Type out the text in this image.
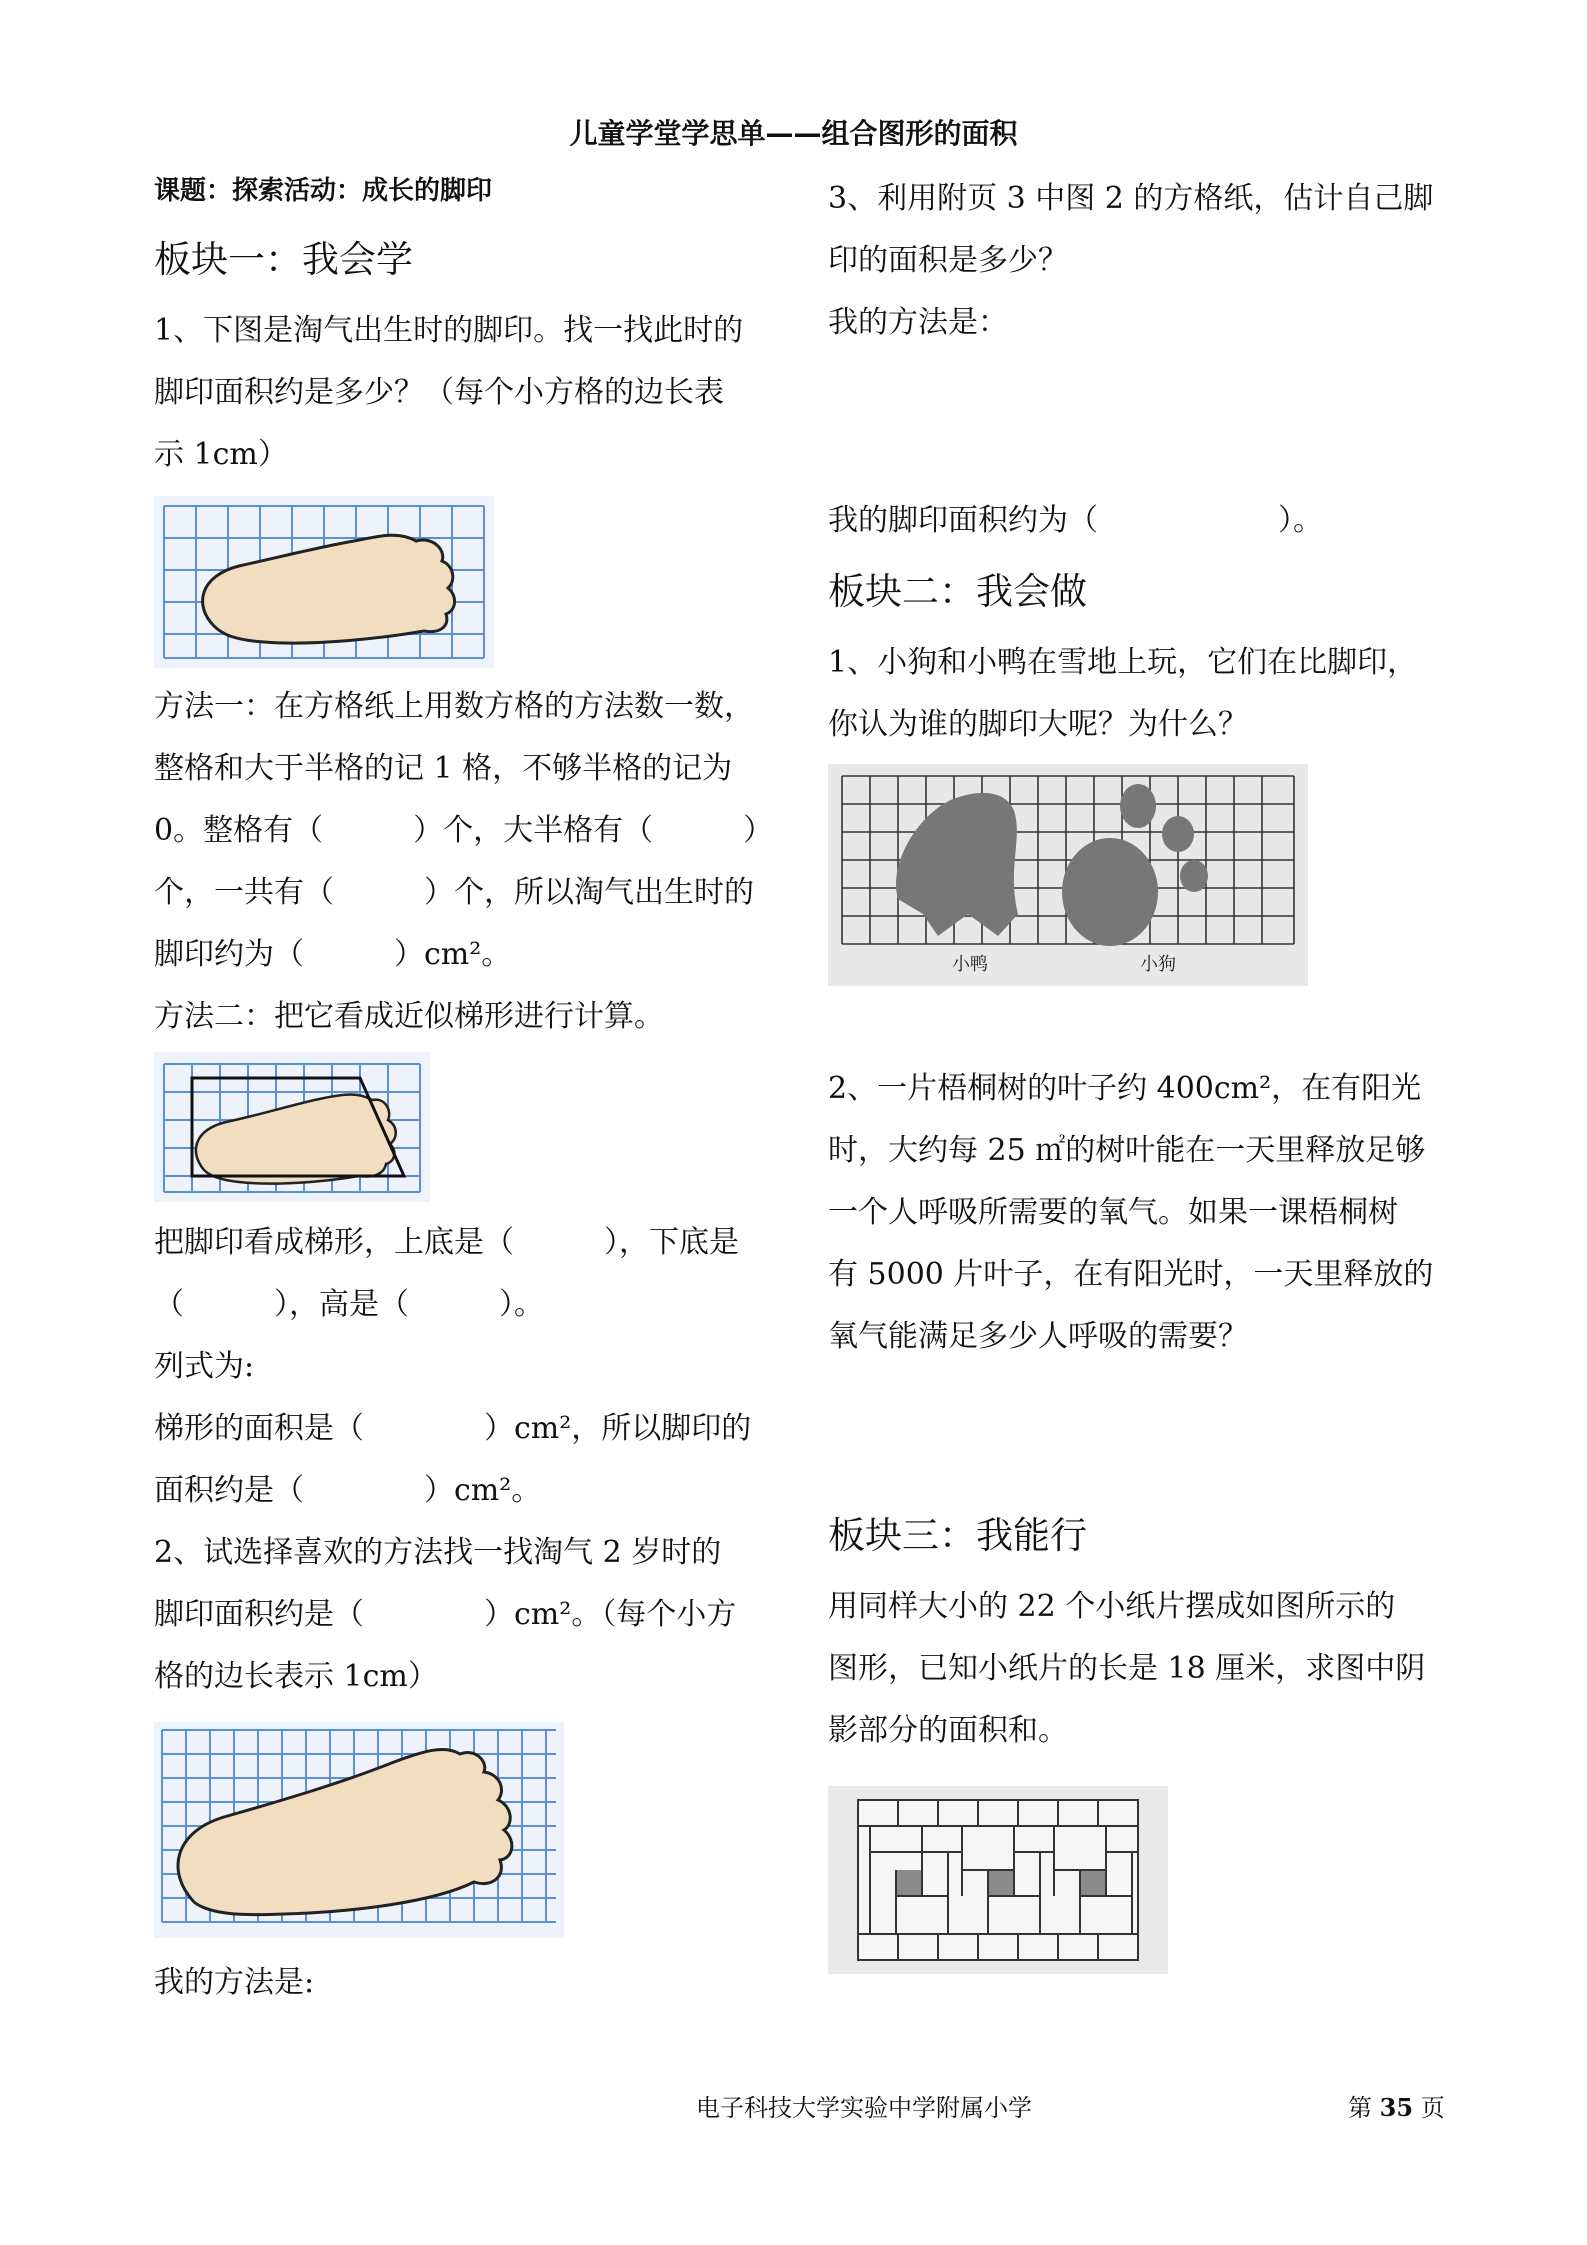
儿童学堂学思单——组合图形的面积
课题：探索活动：成长的脚印
板块一：我会学
1、下图是淘气出生时的脚印。找一找此时的
脚印面积约是多少？（每个小方格的边长表
示 1cm）
方法一：在方格纸上用数方格的方法数一数，
整格和大于半格的记 1 格，不够半格的记为
0。整格有（　　　）个，大半格有（　　　）
个，一共有（　　　）个，所以淘气出生时的
脚印约为（　　　）cm²。
方法二：把它看成近似梯形进行计算。
把脚印看成梯形，上底是（　　　），下底是
（　　　），高是（　　　）。
列式为:
梯形的面积是（　　　　）cm²，所以脚印的
面积约是（　　　　）cm²。
2、试选择喜欢的方法找一找淘气 2 岁时的
脚印面积约是（　　　　）cm²。（每个小方
格的边长表示 1cm）
我的方法是:
3、利用附页 3 中图 2 的方格纸，估计自己脚
印的面积是多少？
我的方法是：
我的脚印面积约为（　　　　　　）。
板块二：我会做
1、小狗和小鸭在雪地上玩，它们在比脚印，
你认为谁的脚印大呢？为什么？
小鸭	小狗
2、一片梧桐树的叶子约 400cm²，在有阳光
时，大约每 25 ㎡的树叶能在一天里释放足够
一个人呼吸所需要的氧气。如果一课梧桐树
有 5000 片叶子，在有阳光时，一天里释放的
氧气能满足多少人呼吸的需要？
板块三：我能行
用同样大小的 22 个小纸片摆成如图所示的
图形，已知小纸片的长是 18 厘米，求图中阴
影部分的面积和。
电子科技大学实验中学附属小学	第 35 页
